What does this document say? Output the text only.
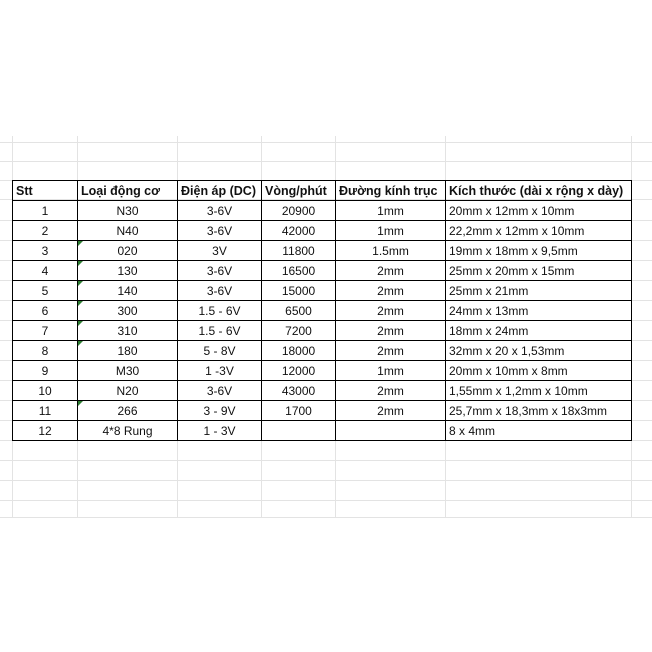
Stt	Loại động cơ	Điện áp (DC)	Vòng/phút	Đường kính trục	Kích thước (dài x rộng x dày)
1	N30	3-6V	20900	1mm	20mm x 12mm x 10mm
2	N40	3-6V	42000	1mm	22,2mm x 12mm x 10mm
3	020	3V	11800	1.5mm	19mm x 18mm x 9,5mm
4	130	3-6V	16500	2mm	25mm x 20mm x 15mm
5	140	3-6V	15000	2mm	25mm x 21mm
6	300	1.5 - 6V	6500	2mm	24mm x 13mm
7	310	1.5 - 6V	7200	2mm	18mm x 24mm
8	180	5 - 8V	18000	2mm	32mm x 20 x 1,53mm
9	M30	1 -3V	12000	1mm	20mm x 10mm x 8mm
10	N20	3-6V	43000	2mm	1,55mm x 1,2mm x 10mm
11	266	3 - 9V	1700	2mm	25,7mm x 18,3mm x 18x3mm
12	4*8 Rung	1 - 3V			8 x 4mm
